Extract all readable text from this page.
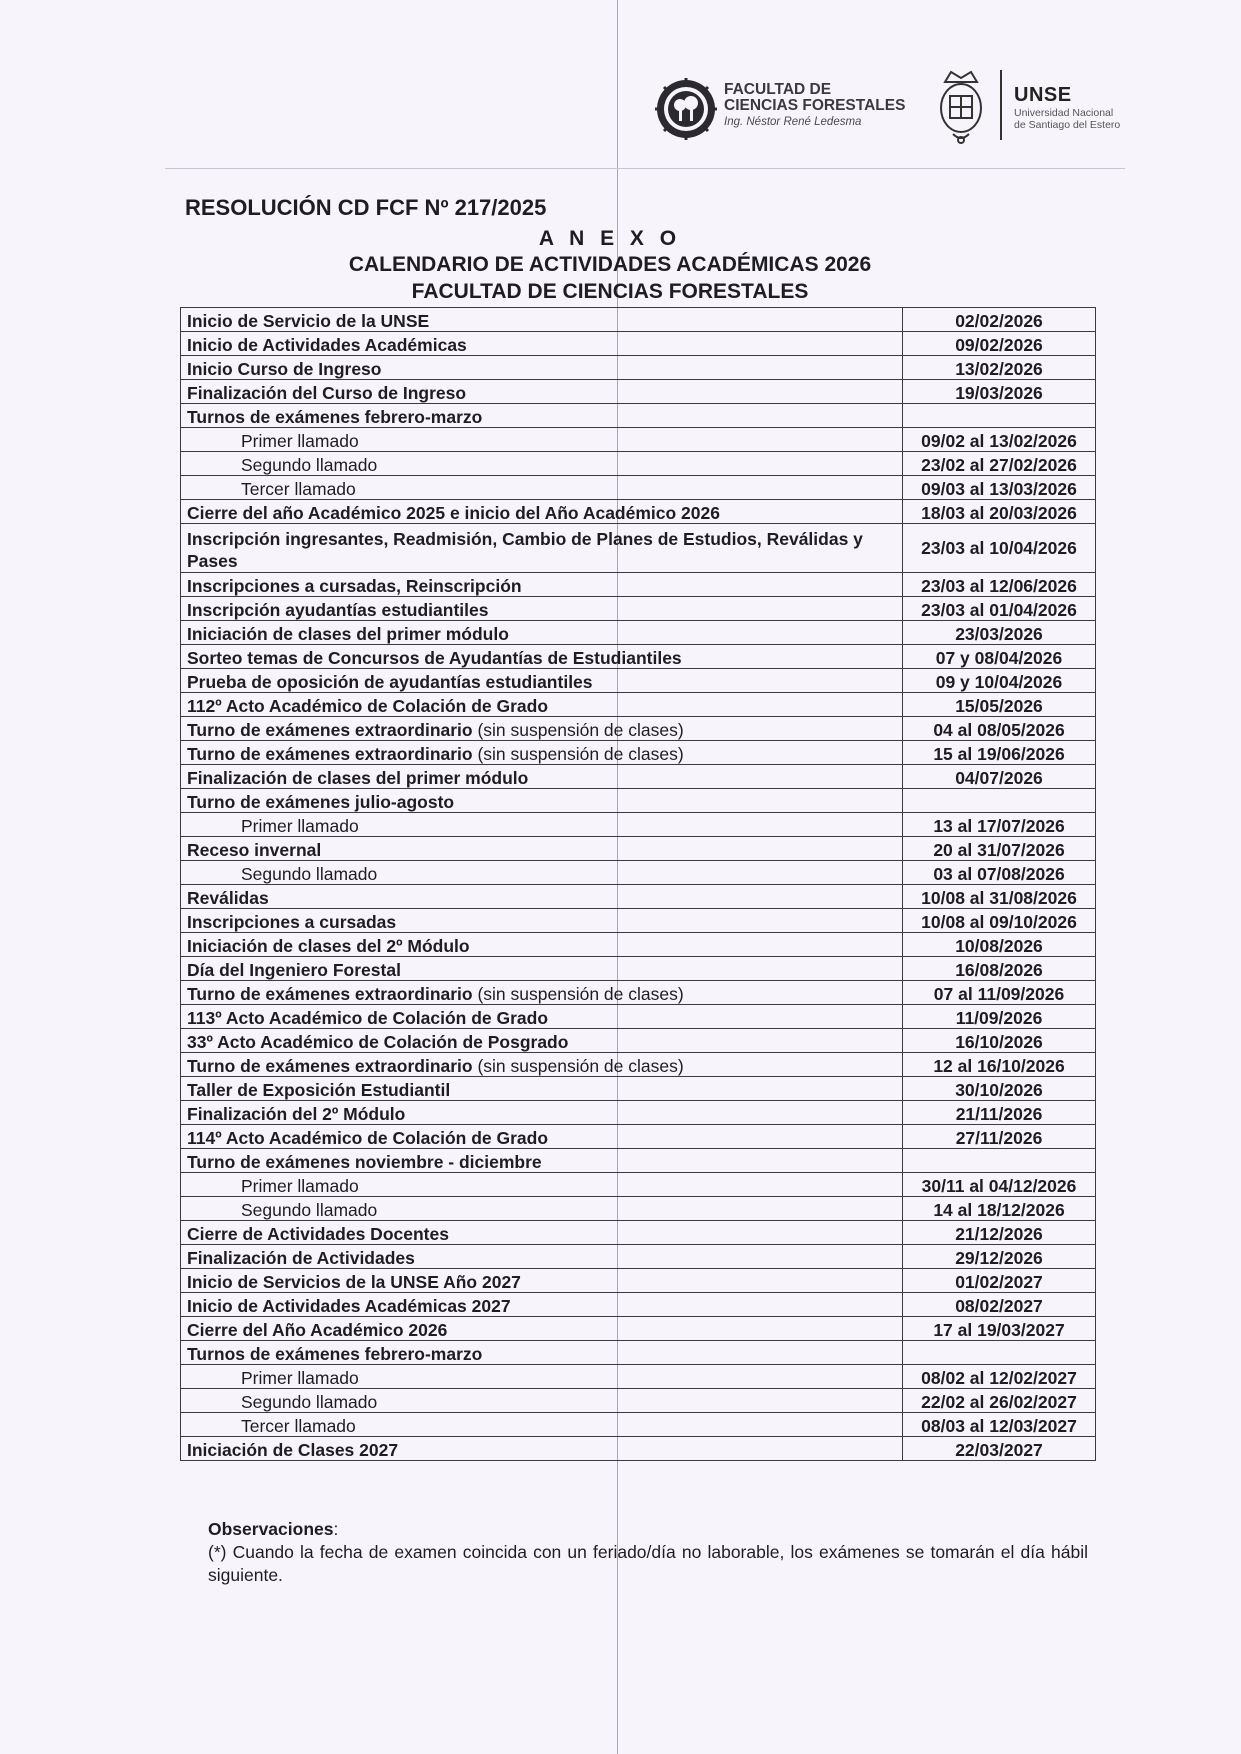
FACULTAD DE
CIENCIAS FORESTALES
Ing. Néstor René Ledesma
UNSE
Universidad Nacional
de Santiago del Estero
RESOLUCIÓN CD FCF Nº 217/2025
A N E X O
CALENDARIO DE ACTIVIDADES ACADÉMICAS 2026
FACULTAD DE CIENCIAS FORESTALES
Inicio de Servicio de la UNSE	02/02/2026
Inicio de Actividades Académicas	09/02/2026
Inicio Curso de Ingreso	13/02/2026
Finalización del Curso de Ingreso	19/03/2026
Turnos de exámenes febrero-marzo	
Primer llamado	09/02 al 13/02/2026
Segundo llamado	23/02 al 27/02/2026
Tercer llamado	09/03 al 13/03/2026
Cierre del año Académico 2025 e inicio del Año Académico 2026	18/03 al 20/03/2026
Inscripción ingresantes, Readmisión, Cambio de Planes de Estudios, Reválidas y Pases	23/03 al 10/04/2026
Inscripciones a cursadas, Reinscripción	23/03 al 12/06/2026
Inscripción ayudantías estudiantiles	23/03 al 01/04/2026
Iniciación de clases del primer módulo	23/03/2026
Sorteo temas de Concursos de Ayudantías de Estudiantiles	07 y 08/04/2026
Prueba de oposición de ayudantías estudiantiles	09 y 10/04/2026
112º Acto Académico de Colación de Grado	15/05/2026
Turno de exámenes extraordinario (sin suspensión de clases)	04 al 08/05/2026
Turno de exámenes extraordinario (sin suspensión de clases)	15 al 19/06/2026
Finalización de clases del primer módulo	04/07/2026
Turno de exámenes julio-agosto	
Primer llamado	13 al 17/07/2026
Receso invernal	20 al 31/07/2026
Segundo llamado	03 al 07/08/2026
Reválidas	10/08 al 31/08/2026
Inscripciones a cursadas	10/08 al 09/10/2026
Iniciación de clases del 2º Módulo	10/08/2026
Día del Ingeniero Forestal	16/08/2026
Turno de exámenes extraordinario (sin suspensión de clases)	07 al 11/09/2026
113º Acto Académico de Colación de Grado	11/09/2026
33º Acto Académico de Colación de Posgrado	16/10/2026
Turno de exámenes extraordinario (sin suspensión de clases)	12 al 16/10/2026
Taller de Exposición Estudiantil	30/10/2026
Finalización del 2º Módulo	21/11/2026
114º Acto Académico de Colación de Grado	27/11/2026
Turno de exámenes noviembre - diciembre	
Primer llamado	30/11 al 04/12/2026
Segundo llamado	14 al 18/12/2026
Cierre de Actividades Docentes	21/12/2026
Finalización de Actividades	29/12/2026
Inicio de Servicios de la UNSE Año 2027	01/02/2027
Inicio de Actividades Académicas 2027	08/02/2027
Cierre del Año Académico 2026	17 al 19/03/2027
Turnos de exámenes febrero-marzo	
Primer llamado	08/02 al 12/02/2027
Segundo llamado	22/02 al 26/02/2027
Tercer llamado	08/03 al 12/03/2027
Iniciación de Clases 2027	22/03/2027
Observaciones:

(*) Cuando la fecha de examen coincida con un feriado/día no laborable, los exámenes se tomarán el día hábil siguiente.
